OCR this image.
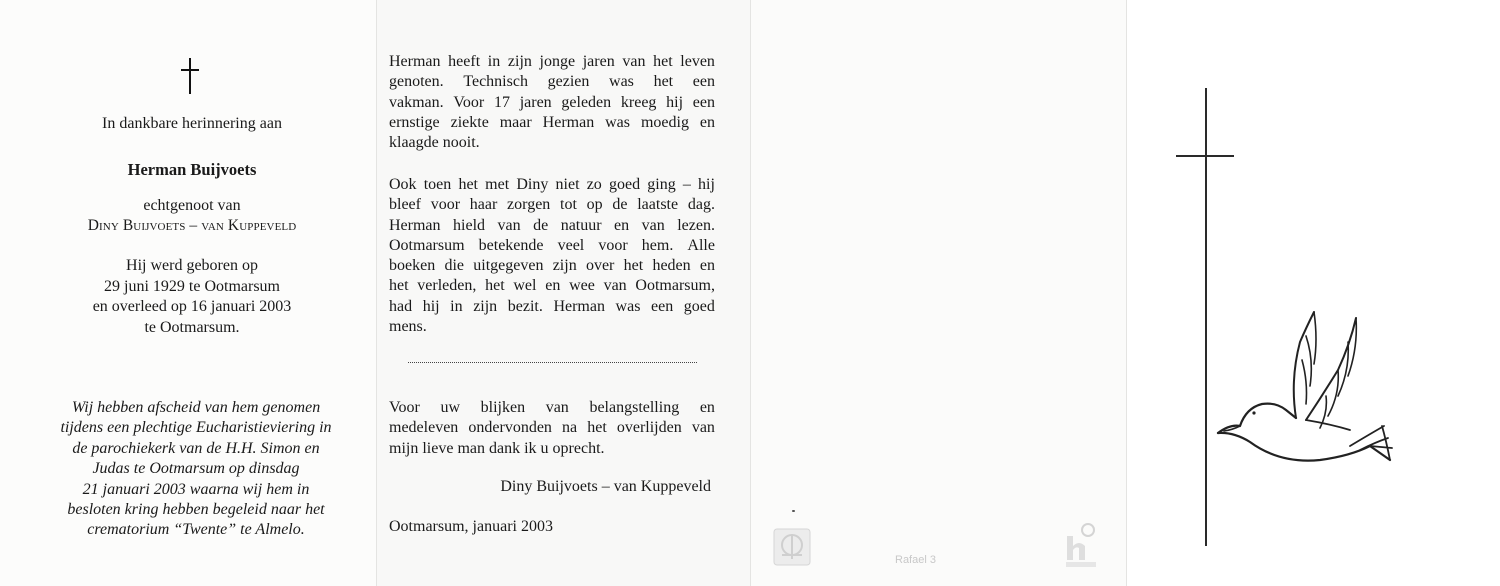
In dankbare herinnering aan
Herman Buijvoets
echtgenoot van
Diny Buijvoets – van Kuppeveld
Hij werd geboren op
29 juni 1929 te Ootmarsum
en overleed op 16 januari 2003
te Ootmarsum.
Wij hebben afscheid van hem genomen
tijdens een plechtige Eucharistieviering in
de parochiekerk van de H.H. Simon en
Judas te Ootmarsum op dinsdag
21 januari 2003 waarna wij hem in
besloten kring hebben begeleid naar het
crematorium “Twente” te Almelo.
Herman heeft in zijn jonge jaren van het leven
genoten. Technisch gezien was het een
vakman. Voor 17 jaren geleden kreeg hij een
ernstige ziekte maar Herman was moedig en
klaagde nooit.
Ook toen het met Diny niet zo goed ging – hij
bleef voor haar zorgen tot op de laatste dag.
Herman hield van de natuur en van lezen.
Ootmarsum betekende veel voor hem. Alle
boeken die uitgegeven zijn over het heden en
het verleden, het wel en wee van Ootmarsum,
had hij in zijn bezit. Herman was een goed
mens.
Voor uw blijken van belangstelling en
medeleven ondervonden na het overlijden van
mijn lieve man dank ik u oprecht.
Diny Buijvoets – van Kuppeveld
Ootmarsum, januari 2003
Rafael 3
